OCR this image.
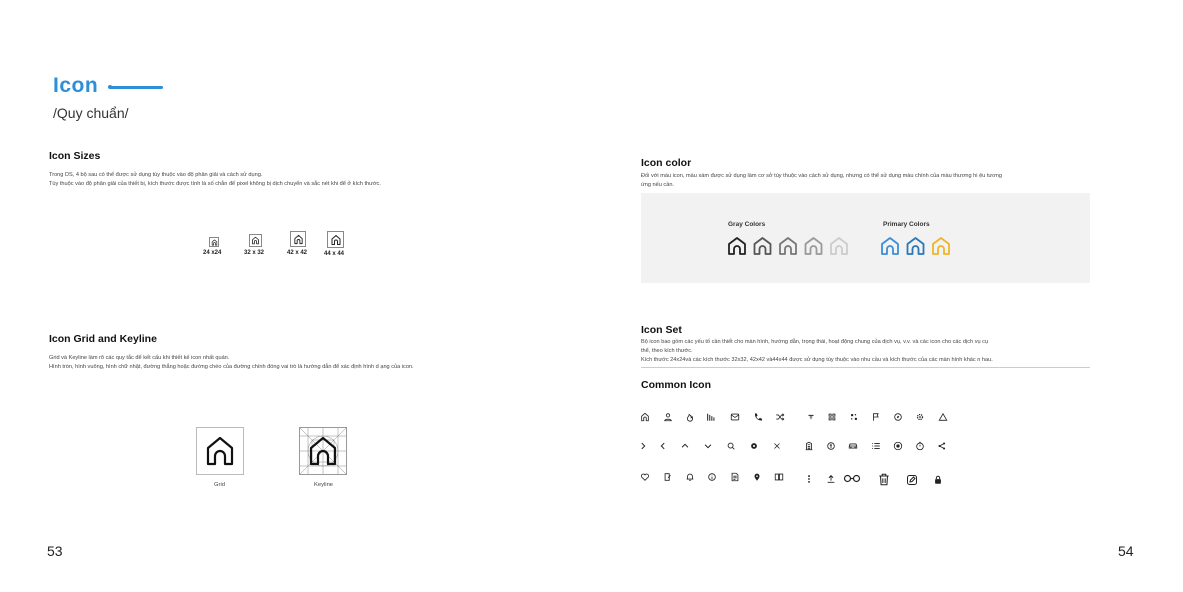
Icon
/Quy chuẩn/
Icon Sizes
Trong DS, 4 bộ sau có thể được sử dụng tùy thuộc vào độ phân giải và cách sử dụng.
Tùy thuộc vào độ phân giải của thiết bị, kích thước được tính là số chẵn để pixel không bị dịch chuyển và sắc nét khi để ở kích thước.
24 x24	32 x 32	42 x 42	44 x 44
Icon Grid and Keyline
Grid và Keyline làm rõ các quy tắc để kết cấu khi thiết kế icon nhất quán.
Hình tròn, hình vuông, hình chữ nhật, đường thẳng hoặc đường chéo của đường chính đóng vai trò là hướng dẫn để xác định hình d ạng của icon.
Grid	Keyline
Icon color
Đối với màu icon, màu xám được sử dụng làm cơ sở tùy thuộc vào cách sử dụng, nhưng có thể sử dụng màu chính của màu thương hi ệu tương
ứng nếu cần.
Gray Colors	Primary Colors
Icon Set
Bộ icon bao gồm các yếu tố cần thiết cho màn hình, hướng dẫn, trọng thái, hoạt động chung của dịch vụ, v.v. và các icon cho các dịch vụ cụ
thể, theo kích thước.
Kích thước 24x24và các kích thước 32x32, 42x42 và44x44 được sử dụng tùy thuộc vào nhu cầu và kích thước của các màn hình khác n hau.
Common Icon
53	54
